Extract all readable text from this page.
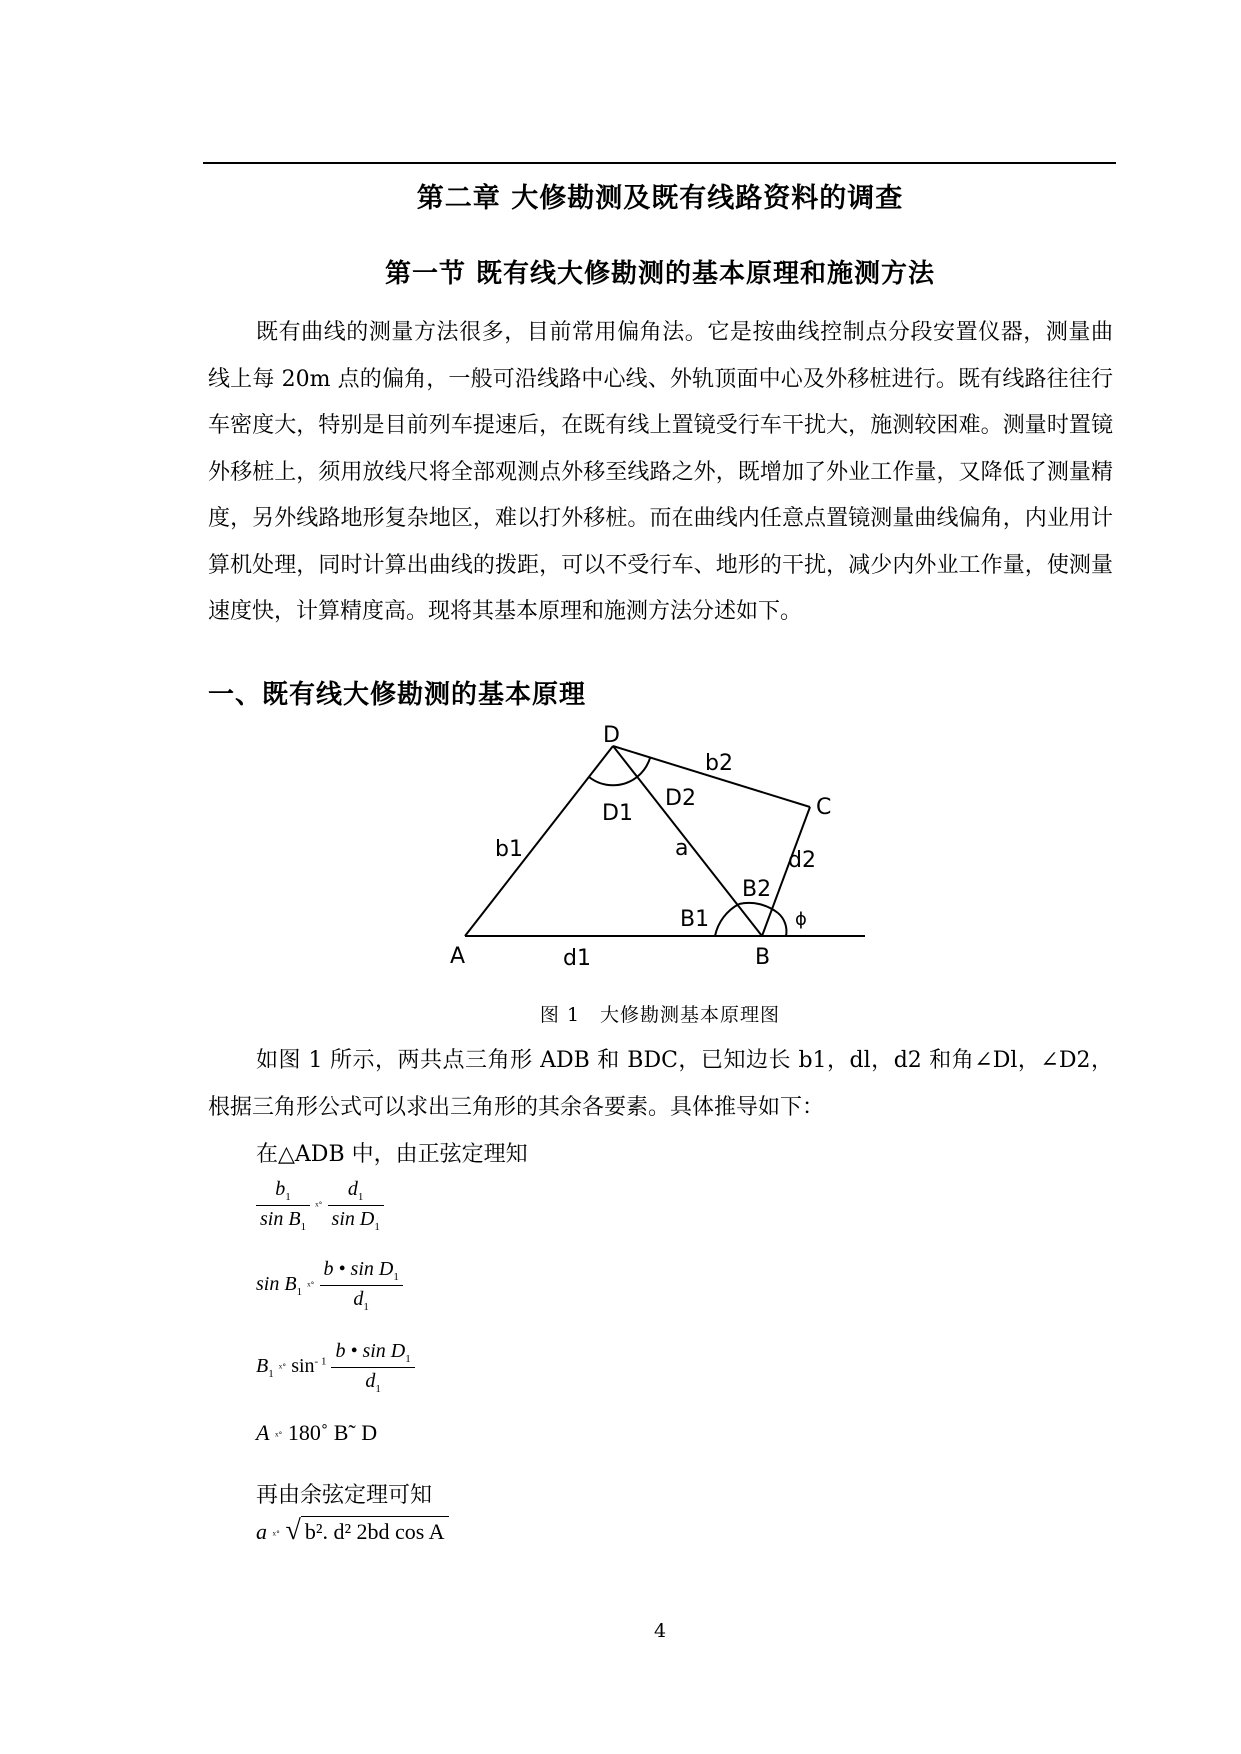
第二章 大修勘测及既有线路资料的调查
第一节 既有线大修勘测的基本原理和施测方法

既有曲线的测量方法很多，目前常用偏角法。它是按曲线控制点分段安置仪器，测量曲线上每 20m 点的偏角，一般可沿线路中心线、外轨顶面中心及外移桩进行。既有线路往往行车密度大，特别是目前列车提速后，在既有线上置镜受行车干扰大，施测较困难。测量时置镜外移桩上，须用放线尺将全部观测点外移至线路之外，既增加了外业工作量，又降低了测量精度，另外线路地形复杂地区，难以打外移桩。而在曲线内任意点置镜测量曲线偏角，内业用计算机处理，同时计算出曲线的拨距，可以不受行车、地形的干扰，减少内外业工作量，使测量速度快，计算精度高。现将其基本原理和施测方法分述如下。

一、既有线大修勘测的基本原理
D
A	B
C
b1
b2
d1
d2
a
D1
D2
B1
B2
ϕ
图 1　大修勘测基本原理图

如图 1 所示，两共点三角形 ADB 和 BDC，已知边长 b1，dl，d2 和角∠Dl，∠D2，根据三角形公式可以求出三角形的其余各要素。具体推导如下：

在△ADB 中，由正弦定理知
$\frac{b_1}{\sin B_1}$ ˣ˚ $\frac{d_1}{\sin D_1}$
$\sin B_1$ ˣ˚ $\frac{b • \sin D_1}{d_1}$
$B_1$ ˣ˚ $\sin^{- 1} \frac{b • \sin D_1}{d_1}$
A ˣ˚ 180˚ B˜ D
再由余弦定理可知
a ˣ˚ √ b². d² 2bd cos A
4
